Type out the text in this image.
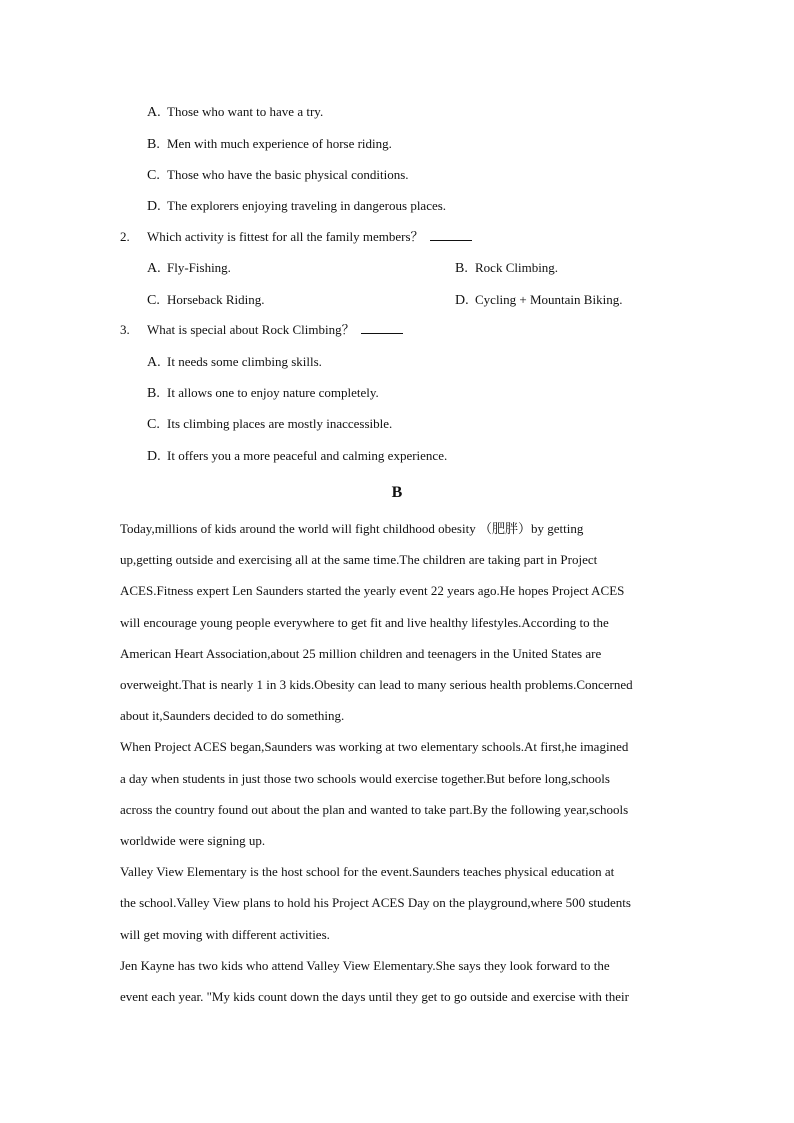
A. Those who want to have a try.
B. Men with much experience of horse riding.
C. Those who have the basic physical conditions.
D. The explorers enjoying traveling in dangerous places.
2. Which activity is fittest for all the family members？
A. Fly-Fishing.	B. Rock Climbing.
C. Horseback Riding.	D. Cycling + Mountain Biking.
3. What is special about Rock Climbing？
A. It needs some climbing skills.
B. It allows one to enjoy nature completely.
C. Its climbing places are mostly inaccessible.
D. It offers you a more peaceful and calming experience.
B
Today,millions of kids around the world will fight childhood obesity （肥胖）by getting
up,getting outside and exercising all at the same time.The children are taking part in Project
ACES.Fitness expert Len Saunders started the yearly event 22 years ago.He hopes Project ACES
will encourage young people everywhere to get fit and live healthy lifestyles.According to the
American Heart Association,about 25 million children and teenagers in the United States are
overweight.That is nearly 1 in 3 kids.Obesity can lead to many serious health problems.Concerned
about it,Saunders decided to do something.
When Project ACES began,Saunders was working at two elementary schools.At first,he imagined
a day when students in just those two schools would exercise together.But before long,schools
across the country found out about the plan and wanted to take part.By the following year,schools
worldwide were signing up.
Valley View Elementary is the host school for the event.Saunders teaches physical education at
the school.Valley View plans to hold his Project ACES Day on the playground,where 500 students
will get moving with different activities.
Jen Kayne has two kids who attend Valley View Elementary.She says they look forward to the
event each year. "My kids count down the days until they get to go outside and exercise with their
